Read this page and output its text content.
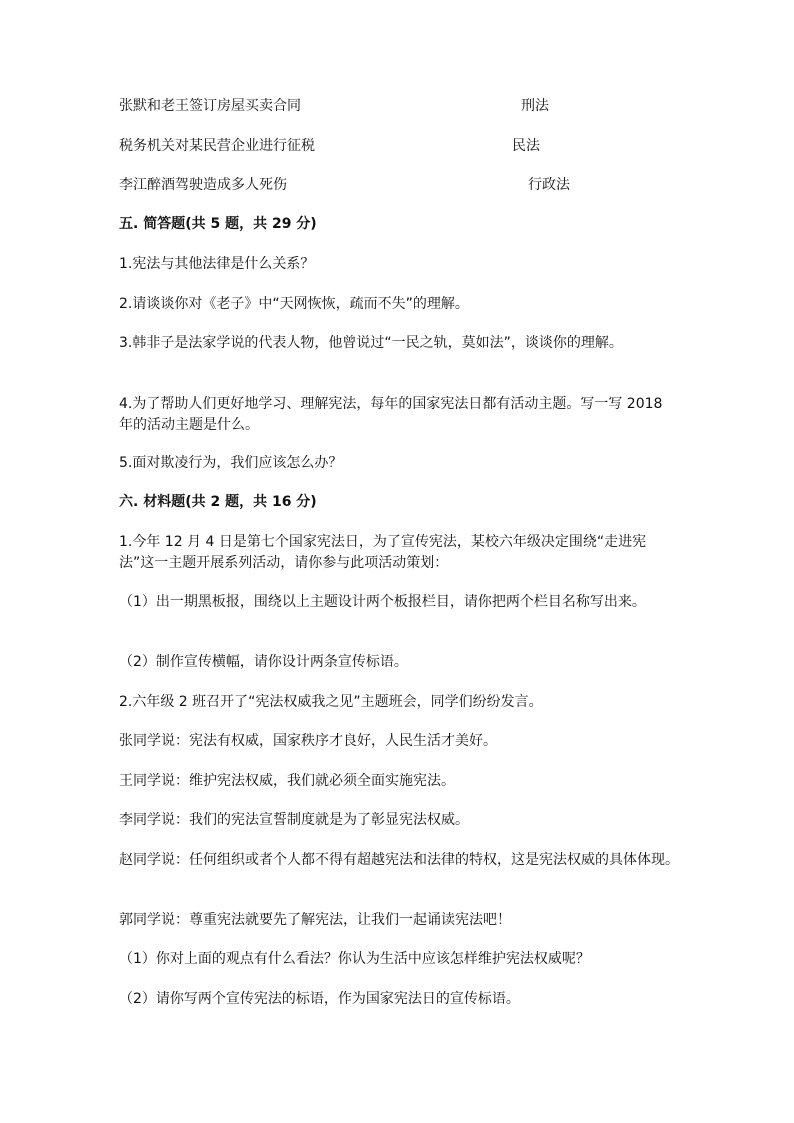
张默和老王签订房屋买卖合同	刑法
税务机关对某民营企业进行征税	民法
李江醉酒驾驶造成多人死伤	行政法
五. 简答题(共 5 题，共 29 分)
1.宪法与其他法律是什么关系？
2.请谈谈你对《老子》中“天网恢恢，疏而不失”的理解。
3.韩非子是法家学说的代表人物，他曾说过“一民之轨，莫如法”，谈谈你的理解。
4.为了帮助人们更好地学习、理解宪法，每年的国家宪法日都有活动主题。写一写 2018 年的活动主题是什么。
5.面对欺凌行为，我们应该怎么办？
六. 材料题(共 2 题，共 16 分)
1.今年 12 月 4 日是第七个国家宪法日，为了宣传宪法，某校六年级决定围绕“走进宪法”这一主题开展系列活动，请你参与此项活动策划：
（1）出一期黑板报，围绕以上主题设计两个板报栏目，请你把两个栏目名称写出来。
（2）制作宣传横幅，请你设计两条宣传标语。
2.六年级 2 班召开了“宪法权威我之见”主题班会，同学们纷纷发言。
张同学说：宪法有权威，国家秩序才良好，人民生活才美好。
王同学说：维护宪法权威，我们就必须全面实施宪法。
李同学说：我们的宪法宣誓制度就是为了彰显宪法权威。
赵同学说：任何组织或者个人都不得有超越宪法和法律的特权，这是宪法权威的具体体现。
郭同学说：尊重宪法就要先了解宪法，让我们一起诵读宪法吧！
（1）你对上面的观点有什么看法？你认为生活中应该怎样维护宪法权威呢？
（2）请你写两个宣传宪法的标语，作为国家宪法日的宣传标语。
